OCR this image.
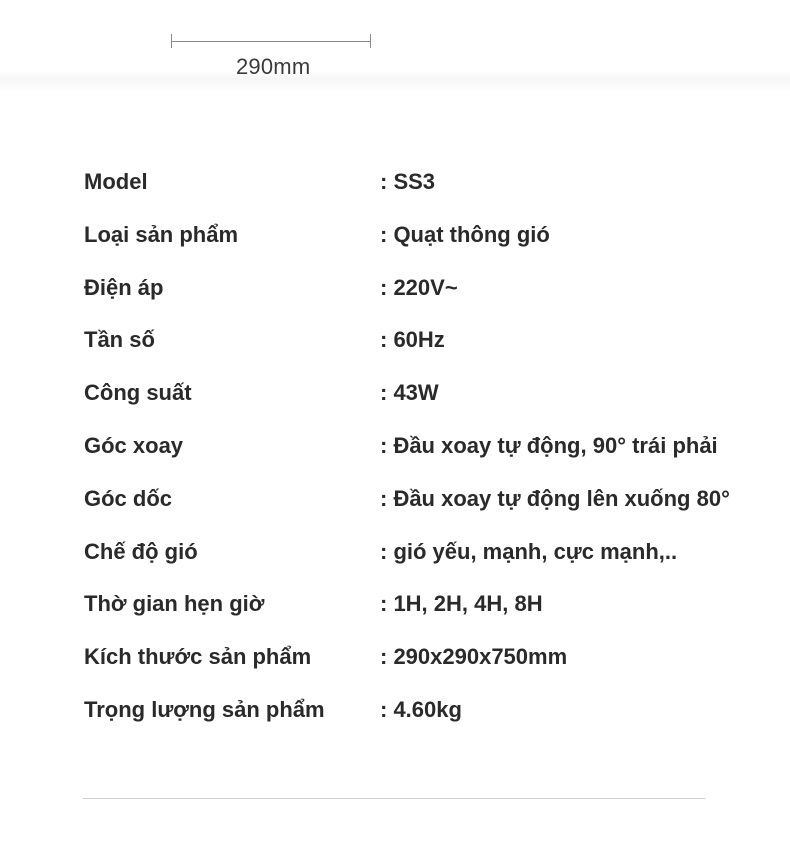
290mm
Model	: SS3
Loại sản phẩm	: Quạt thông gió
Điện áp	: 220V~
Tần số	: 60Hz
Công suất	: 43W
Góc xoay	: Đầu xoay tự động, 90° trái phải
Góc dốc	: Đầu xoay tự động lên xuống 80°
Chế độ gió	: gió yếu, mạnh, cực mạnh,..
Thờ gian hẹn giờ	: 1H, 2H, 4H, 8H
Kích thước sản phẩm	: 290x290x750mm
Trọng lượng sản phẩm	: 4.60kg
